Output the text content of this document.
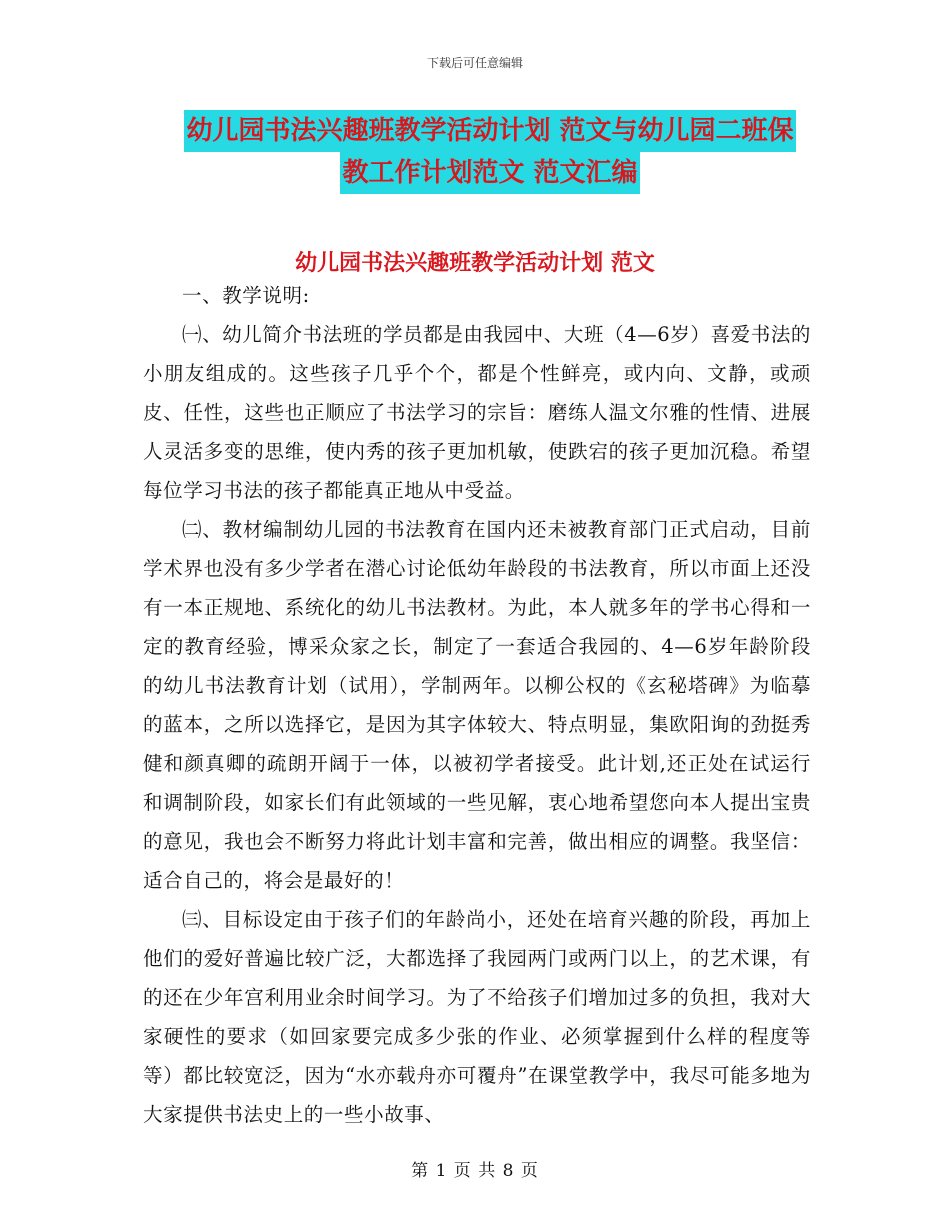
下载后可任意编辑
幼儿园书法兴趣班教学活动计划 范文与幼儿园二班保
教工作计划范文 范文汇编
幼儿园书法兴趣班教学活动计划 范文

一、教学说明:

㈠、幼儿简介书法班的学员都是由我园中、大班（4—6岁）喜爱书法的小朋友组成的。这些孩子几乎个个，都是个性鲜亮，或内向、文静，或顽皮、任性，这些也正顺应了书法学习的宗旨：磨练人温文尔雅的性情、进展人灵活多变的思维，使内秀的孩子更加机敏，使跌宕的孩子更加沉稳。希望每位学习书法的孩子都能真正地从中受益。

㈡、教材编制幼儿园的书法教育在国内还未被教育部门正式启动，目前学术界也没有多少学者在潜心讨论低幼年龄段的书法教育，所以市面上还没有一本正规地、系统化的幼儿书法教材。为此，本人就多年的学书心得和一定的教育经验，博采众家之长，制定了一套适合我园的、4—6岁年龄阶段的幼儿书法教育计划（试用），学制两年。以柳公权的《玄秘塔碑》为临摹的蓝本，之所以选择它，是因为其字体较大、特点明显，集欧阳询的劲挺秀健和颜真卿的疏朗开阔于一体，以被初学者接受。此计划,还正处在试运行和调制阶段，如家长们有此领域的一些见解，衷心地希望您向本人提出宝贵的意见，我也会不断努力将此计划丰富和完善，做出相应的调整。我坚信：适合自己的，将会是最好的！

㈢、目标设定由于孩子们的年龄尚小，还处在培育兴趣的阶段，再加上他们的爱好普遍比较广泛，大都选择了我园两门或两门以上，的艺术课，有的还在少年宫利用业余时间学习。为了不给孩子们增加过多的负担，我对大家硬性的要求（如回家要完成多少张的作业、必须掌握到什么样的程度等等）都比较宽泛，因为“水亦载舟亦可覆舟”在课堂教学中，我尽可能多地为大家提供书法史上的一些小故事、

第 1 页 共 8 页
